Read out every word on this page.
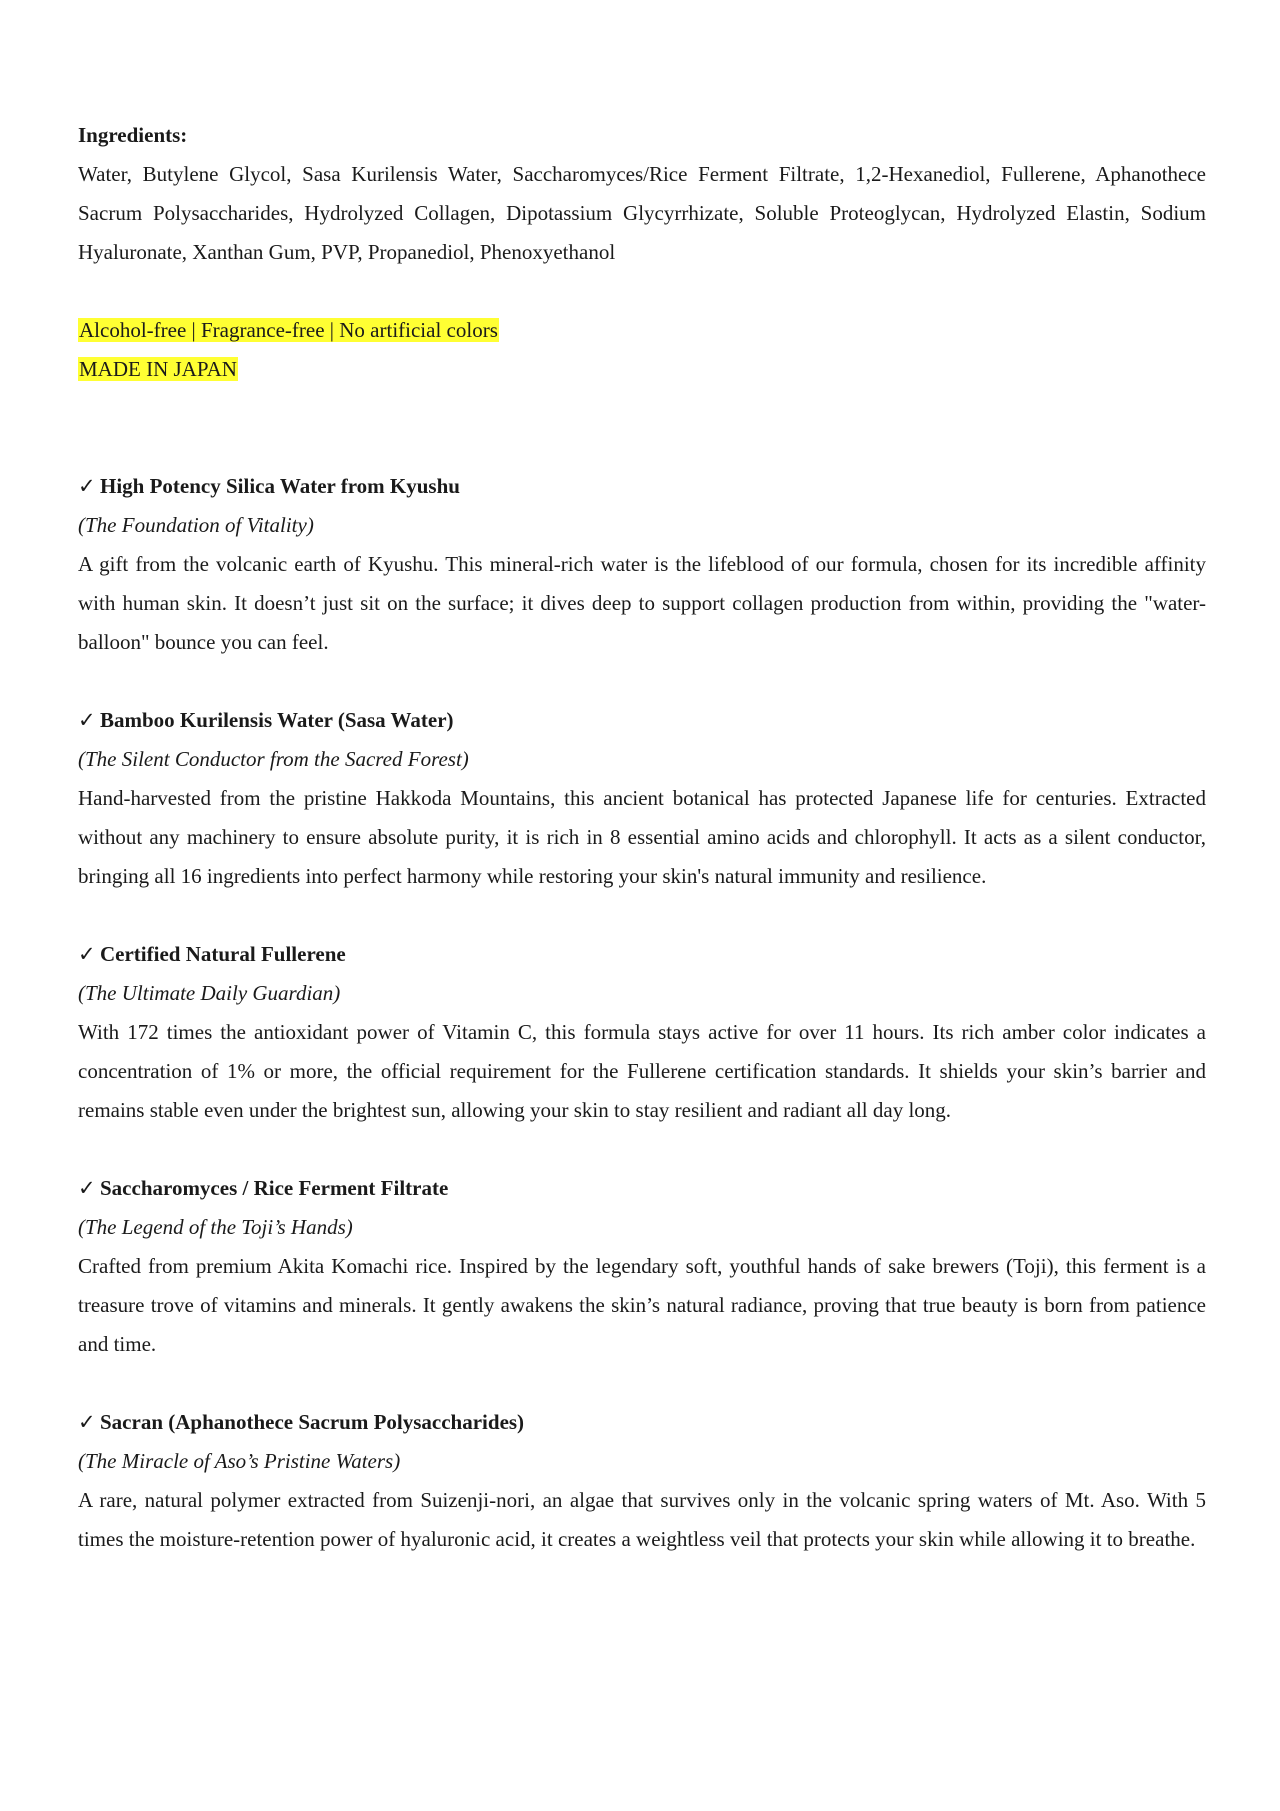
Ingredients:

Water, Butylene Glycol, Sasa Kurilensis Water, Saccharomyces/Rice Ferment Filtrate, 1,2-Hexanediol, Fullerene, Aphanothece Sacrum Polysaccharides, Hydrolyzed Collagen, Dipotassium Glycyrrhizate, Soluble Proteoglycan, Hydrolyzed Elastin, Sodium Hyaluronate, Xanthan Gum, PVP, Propanediol, Phenoxyethanol

Alcohol-free | Fragrance-free | No artificial colors
MADE IN JAPAN

✓ High Potency Silica Water from Kyushu

(The Foundation of Vitality)

A gift from the volcanic earth of Kyushu. This mineral-rich water is the lifeblood of our formula, chosen for its incredible affinity with human skin. It doesn’t just sit on the surface; it dives deep to support collagen production from within, providing the "water-balloon" bounce you can feel.

✓ Bamboo Kurilensis Water (Sasa Water)

(The Silent Conductor from the Sacred Forest)

Hand-harvested from the pristine Hakkoda Mountains, this ancient botanical has protected Japanese life for centuries. Extracted without any machinery to ensure absolute purity, it is rich in 8 essential amino acids and chlorophyll. It acts as a silent conductor, bringing all 16 ingredients into perfect harmony while restoring your skin's natural immunity and resilience.

✓ Certified Natural Fullerene

(The Ultimate Daily Guardian)

With 172 times the antioxidant power of Vitamin C, this formula stays active for over 11 hours. Its rich amber color indicates a concentration of 1% or more, the official requirement for the Fullerene certification standards. It shields your skin’s barrier and remains stable even under the brightest sun, allowing your skin to stay resilient and radiant all day long.

✓ Saccharomyces / Rice Ferment Filtrate

(The Legend of the Toji’s Hands)

Crafted from premium Akita Komachi rice. Inspired by the legendary soft, youthful hands of sake brewers (Toji), this ferment is a treasure trove of vitamins and minerals. It gently awakens the skin’s natural radiance, proving that true beauty is born from patience and time.

✓ Sacran (Aphanothece Sacrum Polysaccharides)

(The Miracle of Aso’s Pristine Waters)

A rare, natural polymer extracted from Suizenji-nori, an algae that survives only in the volcanic spring waters of Mt. Aso. With 5 times the moisture-retention power of hyaluronic acid, it creates a weightless veil that protects your skin while allowing it to breathe.
